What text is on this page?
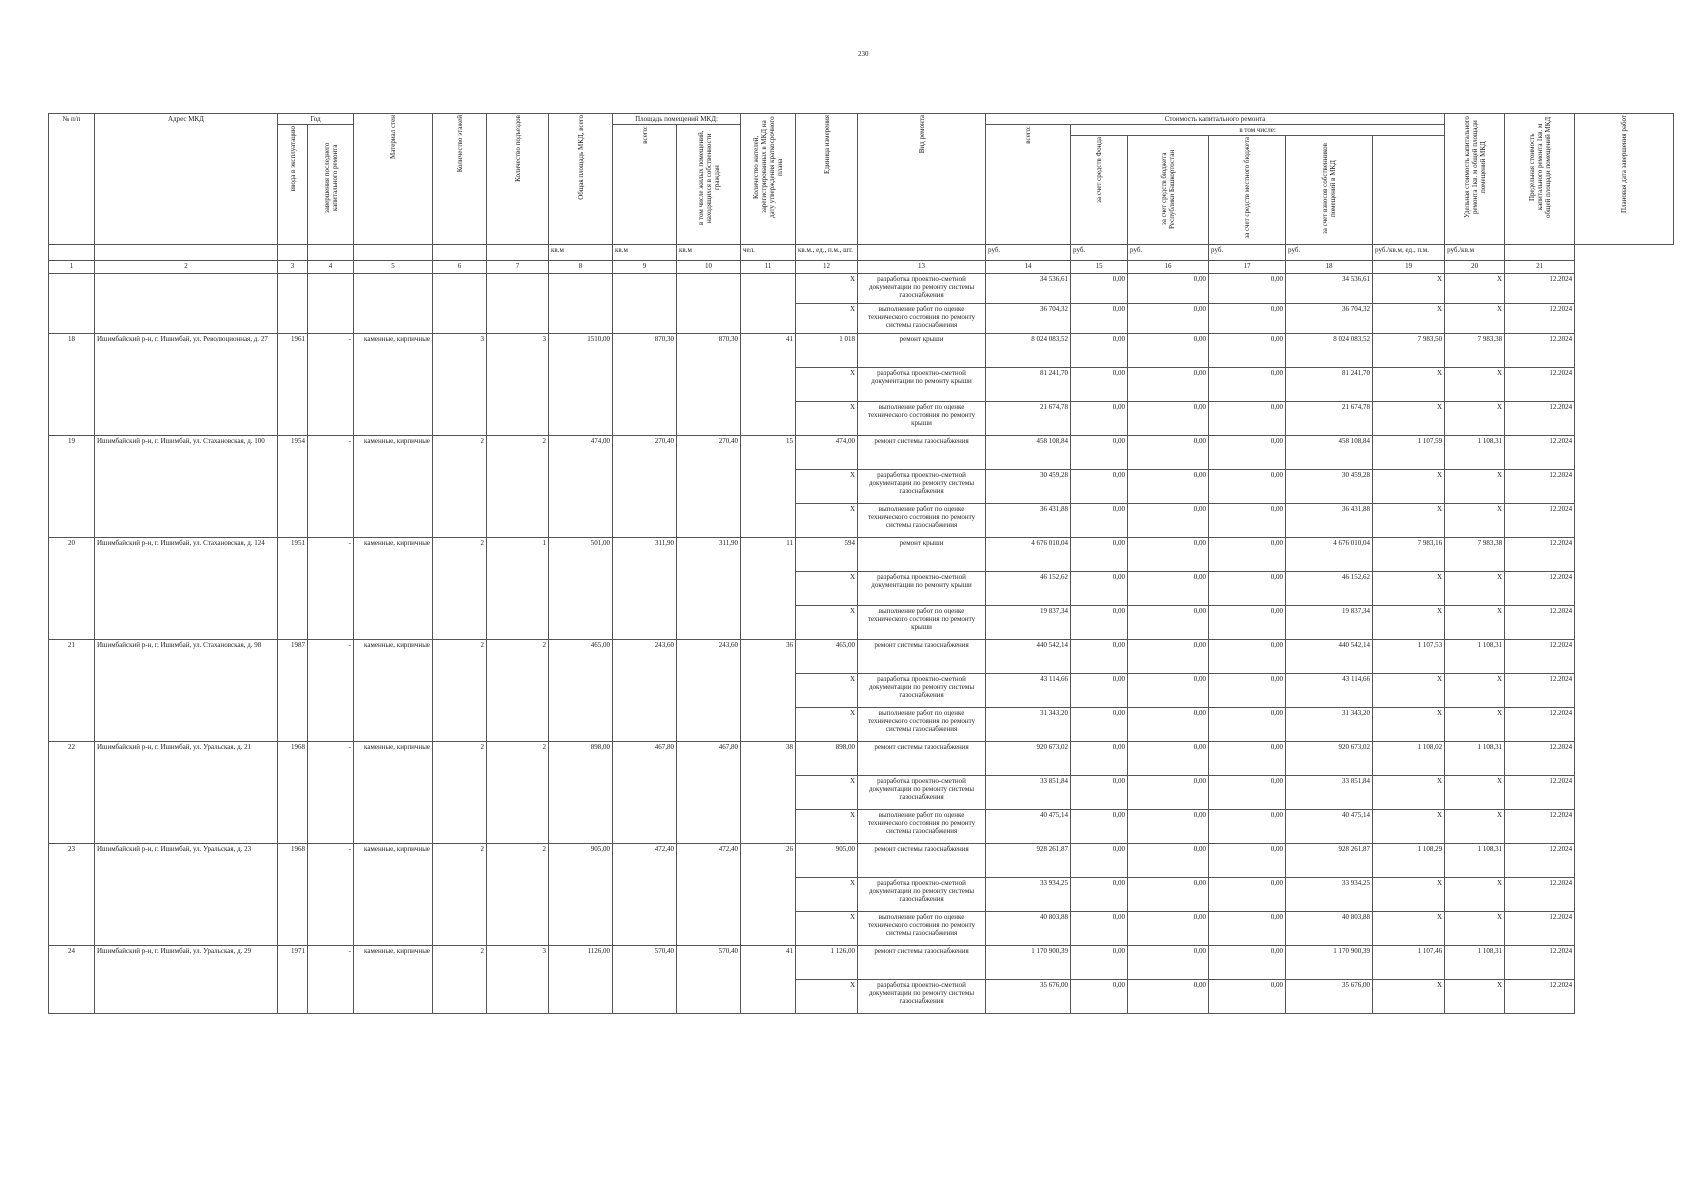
230
№ п/п	Адрес МКД	Год		Материал стен	Количество этажей	Количество подъездов	Общая площадь МКД, всего	Площадь помещений МКД:		Количество жителей, зарегистрированных в МКД на дату утверждения краткосрочного плана	Единица измерения	Вид ремонта	Стоимость капитального ремонта						Удельная стоимость капитального ремонта 1кв. м общей площади помещений МКД	Предельная стоимость капитального ремонта 1кв. м общей площади помещений МКД	Плановая дата завершения работ
		ввода в эксплуатацию	завершения последнего капитального ремонта					всего:	в том числе жилых помещений, находящихся в собственности граждан				всего:	в том числе:							
														за счет средств Фонда	за счет средств бюджета Республики Башкортостан	за счет средств местного бюджета	за счет взносов собственников помещений в МКД			
							кв.м	кв.м	кв.м	чел.	кв.м., ед., п.м., шт.		руб.	руб.	руб.	руб.	руб.	руб./кв.м, ед., п.м.	руб./кв.м		
1	2	3	4	5	6	7	8	9	10	11	12	13	14	15	16	17	18	19	20	21	
											X	разработка проектно-сметной документации по ремонту системы газоснабжения	34 536,61	0,00	0,00	0,00	34 536,61	X	X	12.2024	
											X	выполнение работ по оценке технического состояния по ремонту системы газоснабжения	36 704,32	0,00	0,00	0,00	36 704,32	X	X	12.2024	
18	Ишимбайский р-н, г. Ишимбай, ул. Революционная, д. 27	1961	-	каменные, кирпичные	3	3	1510,00	870,30	870,30	41	1 018	ремонт крыши	8 024 083,52	0,00	0,00	0,00	8 024 083,52	7 983,50	7 983,38	12.2024	
											X	разработка проектно-сметной документации по ремонту крыши	81 241,70	0,00	0,00	0,00	81 241,70	X	X	12.2024	
											X	выполнение работ по оценке технического состояния по ремонту крыши	21 674,78	0,00	0,00	0,00	21 674,78	X	X	12.2024	
19	Ишимбайский р-н, г. Ишимбай, ул. Стахановская, д. 100	1954	-	каменные, кирпичные	2	2	474,00	270,40	270,40	15	474,00	ремонт системы газоснабжения	458 108,84	0,00	0,00	0,00	458 108,84	1 107,59	1 108,31	12.2024	
											X	разработка проектно-сметной документации по ремонту системы газоснабжения	30 459,28	0,00	0,00	0,00	30 459,28	X	X	12.2024	
											X	выполнение работ по оценке технического состояния по ремонту системы газоснабжения	36 431,88	0,00	0,00	0,00	36 431,88	X	X	12.2024	
20	Ишимбайский р-н, г. Ишимбай, ул. Стахановская, д. 124	1951	-	каменные, кирпичные	2	1	501,00	311,90	311,90	11	594	ремонт крыши	4 676 010,04	0,00	0,00	0,00	4 676 010,04	7 983,16	7 983,38	12.2024	
											X	разработка проектно-сметной документации по ремонту крыши	46 152,62	0,00	0,00	0,00	46 152,62	X	X	12.2024	
											X	выполнение работ по оценке технического состояния по ремонту крыши	19 837,34	0,00	0,00	0,00	19 837,34	X	X	12.2024	
21	Ишимбайский р-н, г. Ишимбай, ул. Стахановская, д. 98	1987	-	каменные, кирпичные	2	2	465,00	243,60	243,60	36	465,00	ремонт системы газоснабжения	440 542,14	0,00	0,00	0,00	440 542,14	1 107,53	1 108,31	12.2024	
											X	разработка проектно-сметной документации по ремонту системы газоснабжения	43 114,66	0,00	0,00	0,00	43 114,66	X	X	12.2024	
											X	выполнение работ по оценке технического состояния по ремонту системы газоснабжения	31 343,20	0,00	0,00	0,00	31 343,20	X	X	12.2024	
22	Ишимбайский р-н, г. Ишимбай, ул. Уральская, д. 21	1968	-	каменные, кирпичные	2	2	898,00	467,80	467,80	38	898,00	ремонт системы газоснабжения	920 673,02	0,00	0,00	0,00	920 673,02	1 108,02	1 108,31	12.2024	
											X	разработка проектно-сметной документации по ремонту системы газоснабжения	33 851,84	0,00	0,00	0,00	33 851,84	X	X	12.2024	
											X	выполнение работ по оценке технического состояния по ремонту системы газоснабжения	40 475,14	0,00	0,00	0,00	40 475,14	X	X	12.2024	
23	Ишимбайский р-н, г. Ишимбай, ул. Уральская, д. 23	1968	-	каменные, кирпичные	2	2	905,00	472,40	472,40	26	905,00	ремонт системы газоснабжения	928 261,87	0,00	0,00	0,00	928 261,87	1 108,29	1 108,31	12.2024	
											X	разработка проектно-сметной документации по ремонту системы газоснабжения	33 934,25	0,00	0,00	0,00	33 934,25	X	X	12.2024	
											X	выполнение работ по оценке технического состояния по ремонту системы газоснабжения	40 803,88	0,00	0,00	0,00	40 803,88	X	X	12.2024	
24	Ишимбайский р-н, г. Ишимбай, ул. Уральская, д. 29	1971	-	каменные, кирпичные	2	3	1126,00	570,40	570,40	41	1 126,00	ремонт системы газоснабжения	1 170 900,39	0,00	0,00	0,00	1 170 900,39	1 107,46	1 108,31	12.2024	
											X	разработка проектно-сметной документации по ремонту системы газоснабжения	35 676,00	0,00	0,00	0,00	35 676,00	X	X	12.2024	
